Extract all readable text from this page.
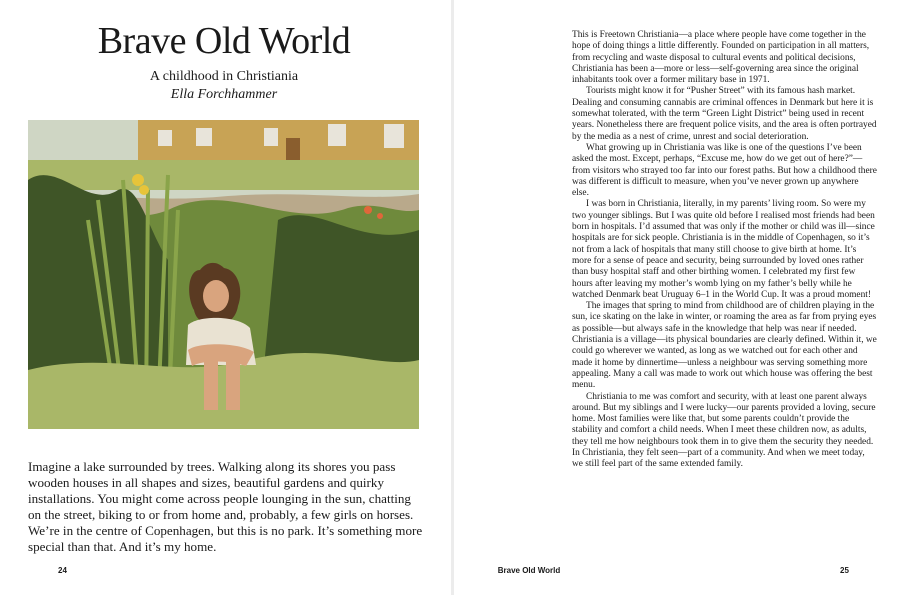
Brave Old World
A childhood in Christiania
Ella Forchhammer

Imagine a lake surrounded by trees. Walking along its shores you pass wooden houses in all shapes and sizes, beautiful gardens and quirky installations. You might come across people lounging in the sun, chatting on the street, biking to or from home and, probably, a few girls on horses. We’re in the centre of Copenhagen, but this is no park. It’s something more special than that. And it’s my home.

24

This is Freetown Christiania—a place where people have come together in the hope of doing things a little differently. Founded on participation in all matters, from recycling and waste disposal to cultural events and political decisions, Christiania has been a—more or less—self-governing area since the original inhabitants took over a former military base in 1971.

Tourists might know it for “Pusher Street” with its famous hash market. Dealing and consuming cannabis are criminal offences in Denmark but here it is somewhat tolerated, with the term “Green Light District” being used in recent years. Nonetheless there are frequent police visits, and the area is often portrayed by the media as a nest of crime, unrest and social deterioration.

What growing up in Christiania was like is one of the questions I’ve been asked the most. Except, perhaps, “Excuse me, how do we get out of here?”—from visitors who strayed too far into our forest paths. But how a childhood there was different is difficult to measure, when you’ve never grown up anywhere else.

I was born in Christiania, literally, in my parents’ living room. So were my two younger siblings. But I was quite old before I realised most friends had been born in hospitals. I’d assumed that was only if the mother or child was ill—since hospitals are for sick people. Christiania is in the middle of Copenhagen, so it’s not from a lack of hospitals that many still choose to give birth at home. It’s more for a sense of peace and security, being surrounded by loved ones rather than busy hospital staff and other birthing women. I celebrated my first few hours after leaving my mother’s womb lying on my father’s belly while he watched Denmark beat Uruguay 6–1 in the World Cup. It was a proud moment!

The images that spring to mind from childhood are of children playing in the sun, ice skating on the lake in winter, or roaming the area as far from prying eyes as possible—but always safe in the knowledge that help was near if needed. Christiania is a village—its physical boundaries are clearly defined. Within it, we could go wherever we wanted, as long as we watched out for each other and made it home by dinnertime—unless a neighbour was serving something more appealing. Many a call was made to work out which house was offering the best menu.

Christiania to me was comfort and security, with at least one parent always around. But my siblings and I were lucky—our parents provided a loving, secure home. Most families were like that, but some parents couldn’t provide the stability and comfort a child needs. When I meet these children now, as adults, they tell me how neighbours took them in to give them the security they needed. In Christiania, they felt seen—part of a community. And when we meet today, we still feel part of the same extended family.

Brave Old World	25
